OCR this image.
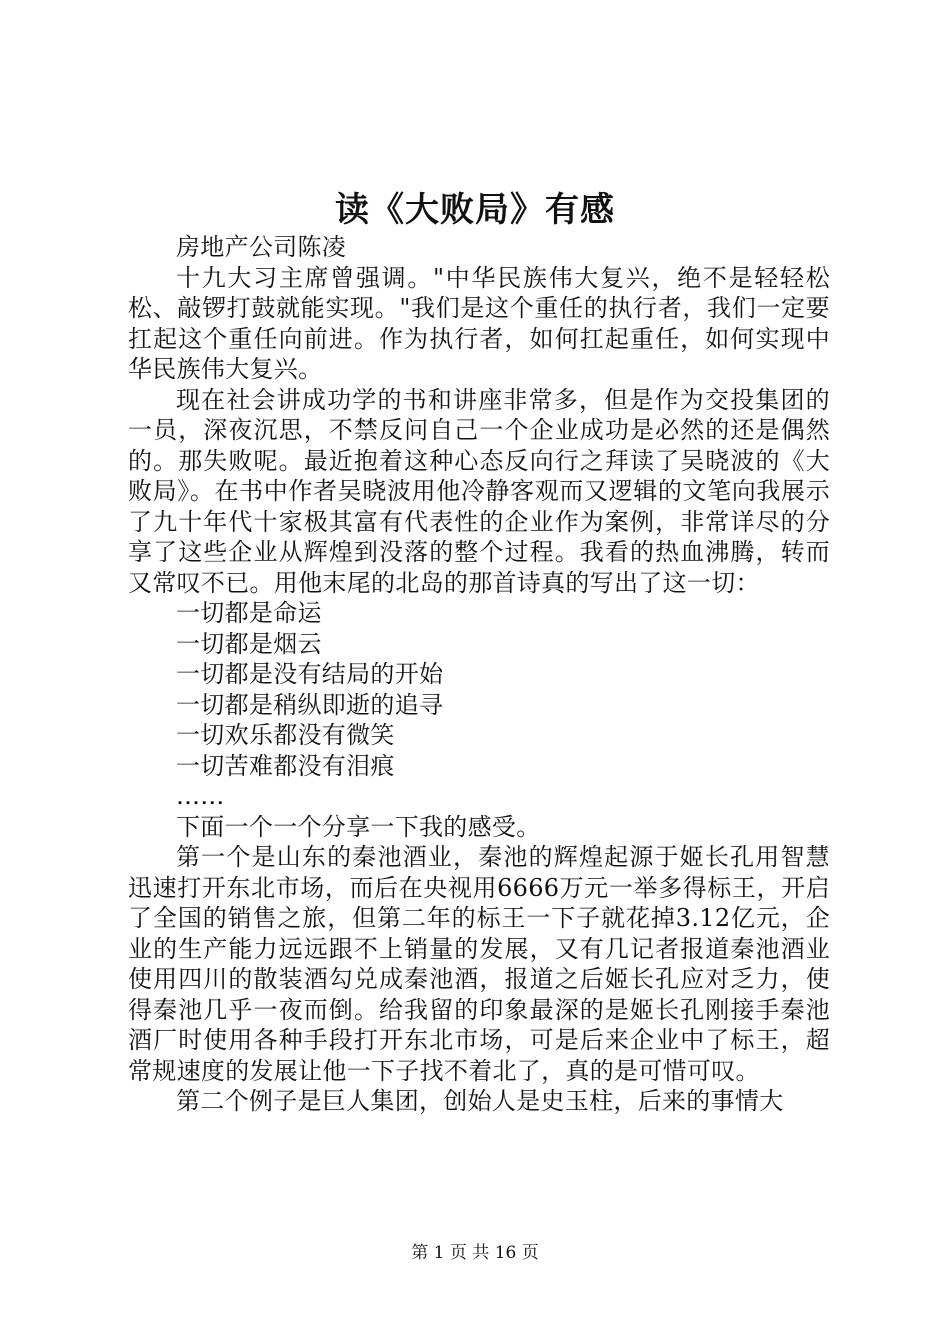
读《大败局》有感

房地产公司陈凌

十九大习主席曾强调。"中华民族伟大复兴，绝不是轻轻松松、敲锣打鼓就能实现。"我们是这个重任的执行者，我们一定要扛起这个重任向前进。作为执行者，如何扛起重任，如何实现中华民族伟大复兴。

现在社会讲成功学的书和讲座非常多，但是作为交投集团的一员，深夜沉思，不禁反问自己一个企业成功是必然的还是偶然的。那失败呢。最近抱着这种心态反向行之拜读了吴晓波的《大败局》。在书中作者吴晓波用他冷静客观而又逻辑的文笔向我展示了九十年代十家极其富有代表性的企业作为案例，非常详尽的分享了这些企业从辉煌到没落的整个过程。我看的热血沸腾，转而又常叹不已。用他末尾的北岛的那首诗真的写出了这一切：

一切都是命运

一切都是烟云

一切都是没有结局的开始

一切都是稍纵即逝的追寻

一切欢乐都没有微笑

一切苦难都没有泪痕

……

下面一个一个分享一下我的感受。

第一个是山东的秦池酒业，秦池的辉煌起源于姬长孔用智慧迅速打开东北市场，而后在央视用6666万元一举多得标王，开启了全国的销售之旅，但第二年的标王一下子就花掉3.12亿元，企业的生产能力远远跟不上销量的发展，又有几记者报道秦池酒业使用四川的散装酒勾兑成秦池酒，报道之后姬长孔应对乏力，使得秦池几乎一夜而倒。给我留的印象最深的是姬长孔刚接手秦池酒厂时使用各种手段打开东北市场，可是后来企业中了标王，超常规速度的发展让他一下子找不着北了，真的是可惜可叹。

第二个例子是巨人集团，创始人是史玉柱，后来的事情大

第 1 页 共 16 页
